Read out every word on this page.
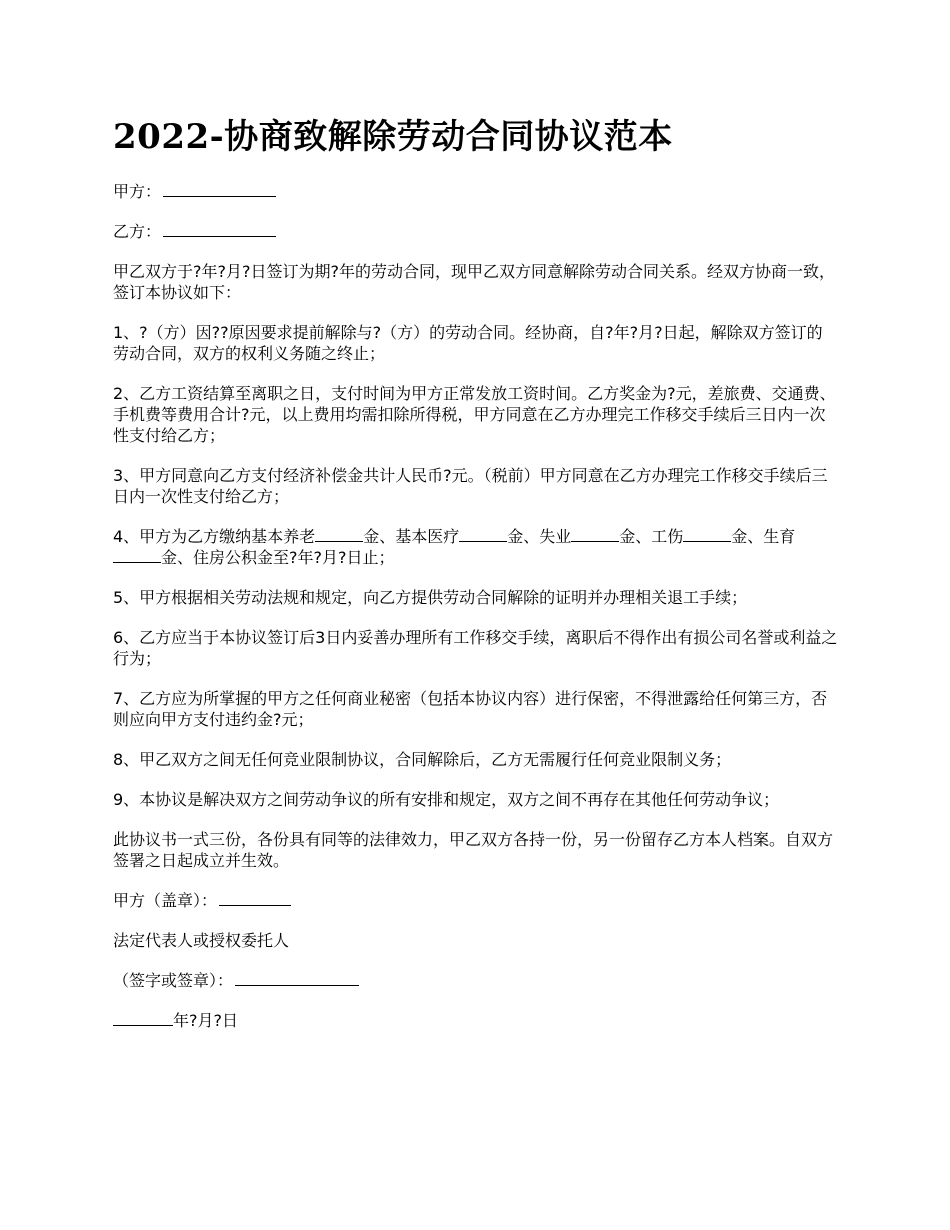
2022-协商致解除劳动合同协议范本

甲方：

乙方：

甲乙双方于?年?月?日签订为期?年的劳动合同，现甲乙双方同意解除劳动合同关系。经双方协商一致，签订本协议如下：

1、?（方）因??原因要求提前解除与?（方）的劳动合同。经协商，自?年?月?日起，解除双方签订的劳动合同，双方的权利义务随之终止；

2、乙方工资结算至离职之日，支付时间为甲方正常发放工资时间。乙方奖金为?元，差旅费、交通费、手机费等费用合计?元，以上费用均需扣除所得税，甲方同意在乙方办理完工作移交手续后三日内一次性支付给乙方；

3、甲方同意向乙方支付经济补偿金共计人民币?元。（税前）甲方同意在乙方办理完工作移交手续后三日内一次性支付给乙方；

4、甲方为乙方缴纳基本养老	金、基本医疗	金、失业	金、工伤	金、生育金、住房公积金至?年?月?日止；

5、甲方根据相关劳动法规和规定，向乙方提供劳动合同解除的证明并办理相关退工手续；

6、乙方应当于本协议签订后3日内妥善办理所有工作移交手续，离职后不得作出有损公司名誉或利益之行为；

7、乙方应为所掌握的甲方之任何商业秘密（包括本协议内容）进行保密，不得泄露给任何第三方，否则应向甲方支付违约金?元；

8、甲乙双方之间无任何竞业限制协议，合同解除后，乙方无需履行任何竞业限制义务；

9、本协议是解决双方之间劳动争议的所有安排和规定，双方之间不再存在其他任何劳动争议；

此协议书一式三份，各份具有同等的法律效力，甲乙双方各持一份，另一份留存乙方本人档案。自双方签署之日起成立并生效。

甲方（盖章）：

法定代表人或授权委托人

（签字或签章）：

年?月?日
